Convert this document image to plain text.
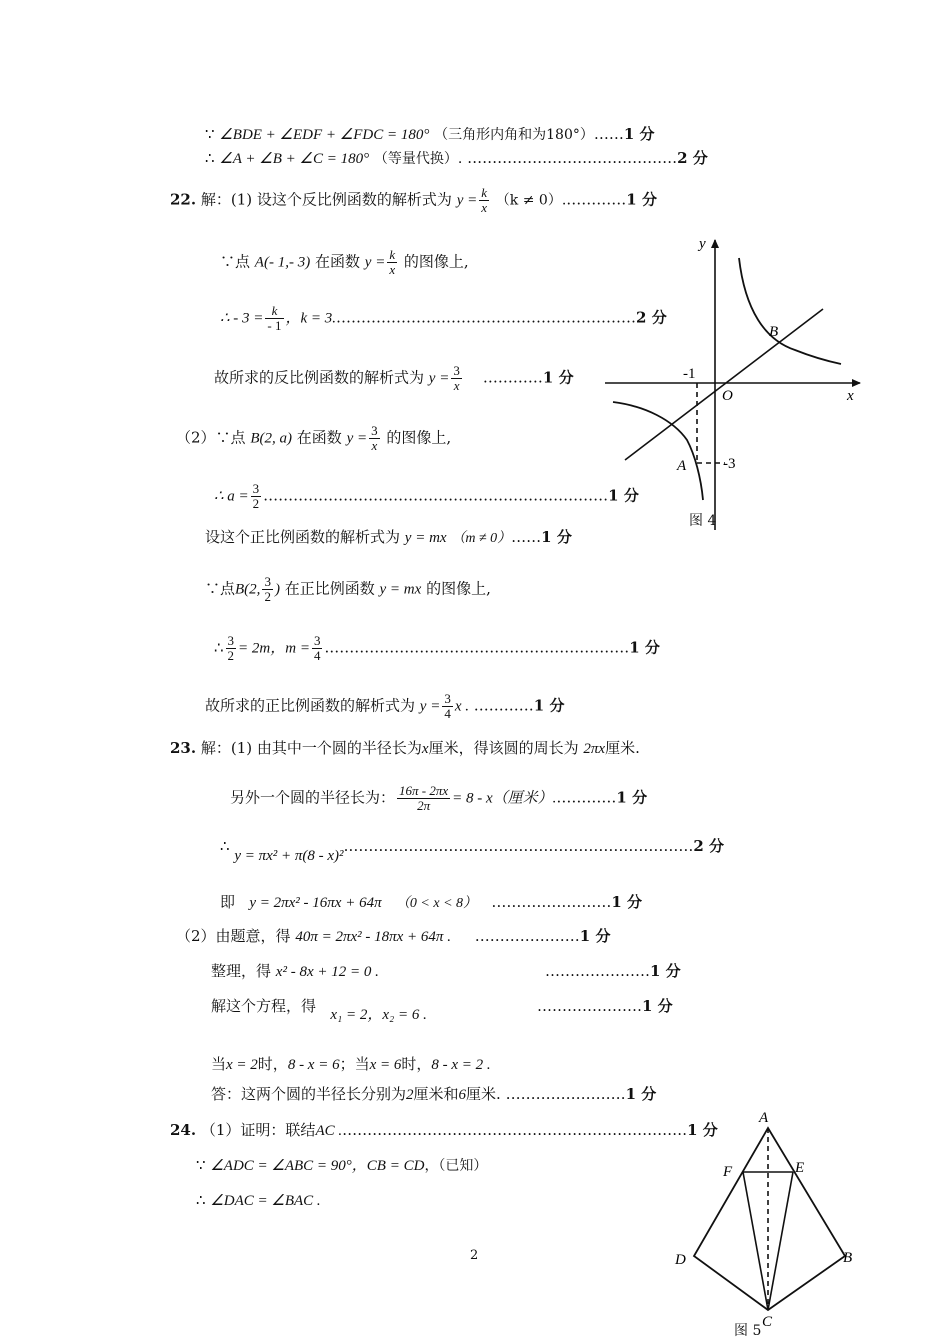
∵ ∠BDE + ∠EDF + ∠FDC = 180° （三角形内角和为180°）……1 分
∴ ∠A + ∠B + ∠C = 180° （等量代换）. ……………………………………2 分
22. 解：(1) 设这个反比例函数的解析式为 $y = \frac{k}{x} (k$ ≠ 0）.…………1 分
∵点 A(- 1,- 3) 在函数 $y = \frac{k}{x}$ 的图像上,
∴ - $3 = \frac{k}{- 1}$ ，k = 3.……………………………………………………2 分
故所求的反比例函数的解析式为 $y = \frac{3}{x}$ …………1 分
（2）∵点 B(2, a) 在函数 $y = \frac{3}{x}$ 的图像上,
∴ $a = \frac{3}{2}$ ……………………………………………………………1 分
设这个正比例函数的解析式为 y = mx （m ≠ 0）……1 分
∵点B(2, $\frac{3}{2}$ ) 在正比例函数 y = mx 的图像上,
∴ $\frac{3}{2} = 2m$，$m = \frac{3}{4}$ .……………………………………………………1 分
故所求的正比例函数的解析式为 $y = \frac{3}{4}$ x . …………1 分
y
x
O
B
A
-1
-3
图 4
23. 解：(1) 由其中一个圆的半径长为x厘米，得该圆的周长为 2πx厘米.
另外一个圆的半径长为： $\frac{16\pi - 2\pi x}{2\pi} = 8 - x$（厘米）.…………1 分
∴ y = πx² + π(8 - x)².……………………………………………………………2 分
即 y = 2πx² - 16πx + 64π （0 < x < 8） ……………………1 分
（2）由题意，得 40π = 2πx² - 18πx + 64π . …………………1 分
整理，得 x² - 8x + 12 = 0 .	…………………1 分
解这个方程，得 x₁ = 2，x₂ = 6 .	…………………1 分
当x = 2时，8 - x = 6；当x = 6时，8 - x = 2 .
答：这两个圆的半径长分别为2厘米和6厘米. ……………………1 分
24. （1）证明：联结AC .……………………………………………………………1 分
∵ ∠ADC = ∠ABC = 90°，CB = CD，（已知）
∴ ∠DAC = ∠BAC .
A
B
C
D
E
F
图 5
2
